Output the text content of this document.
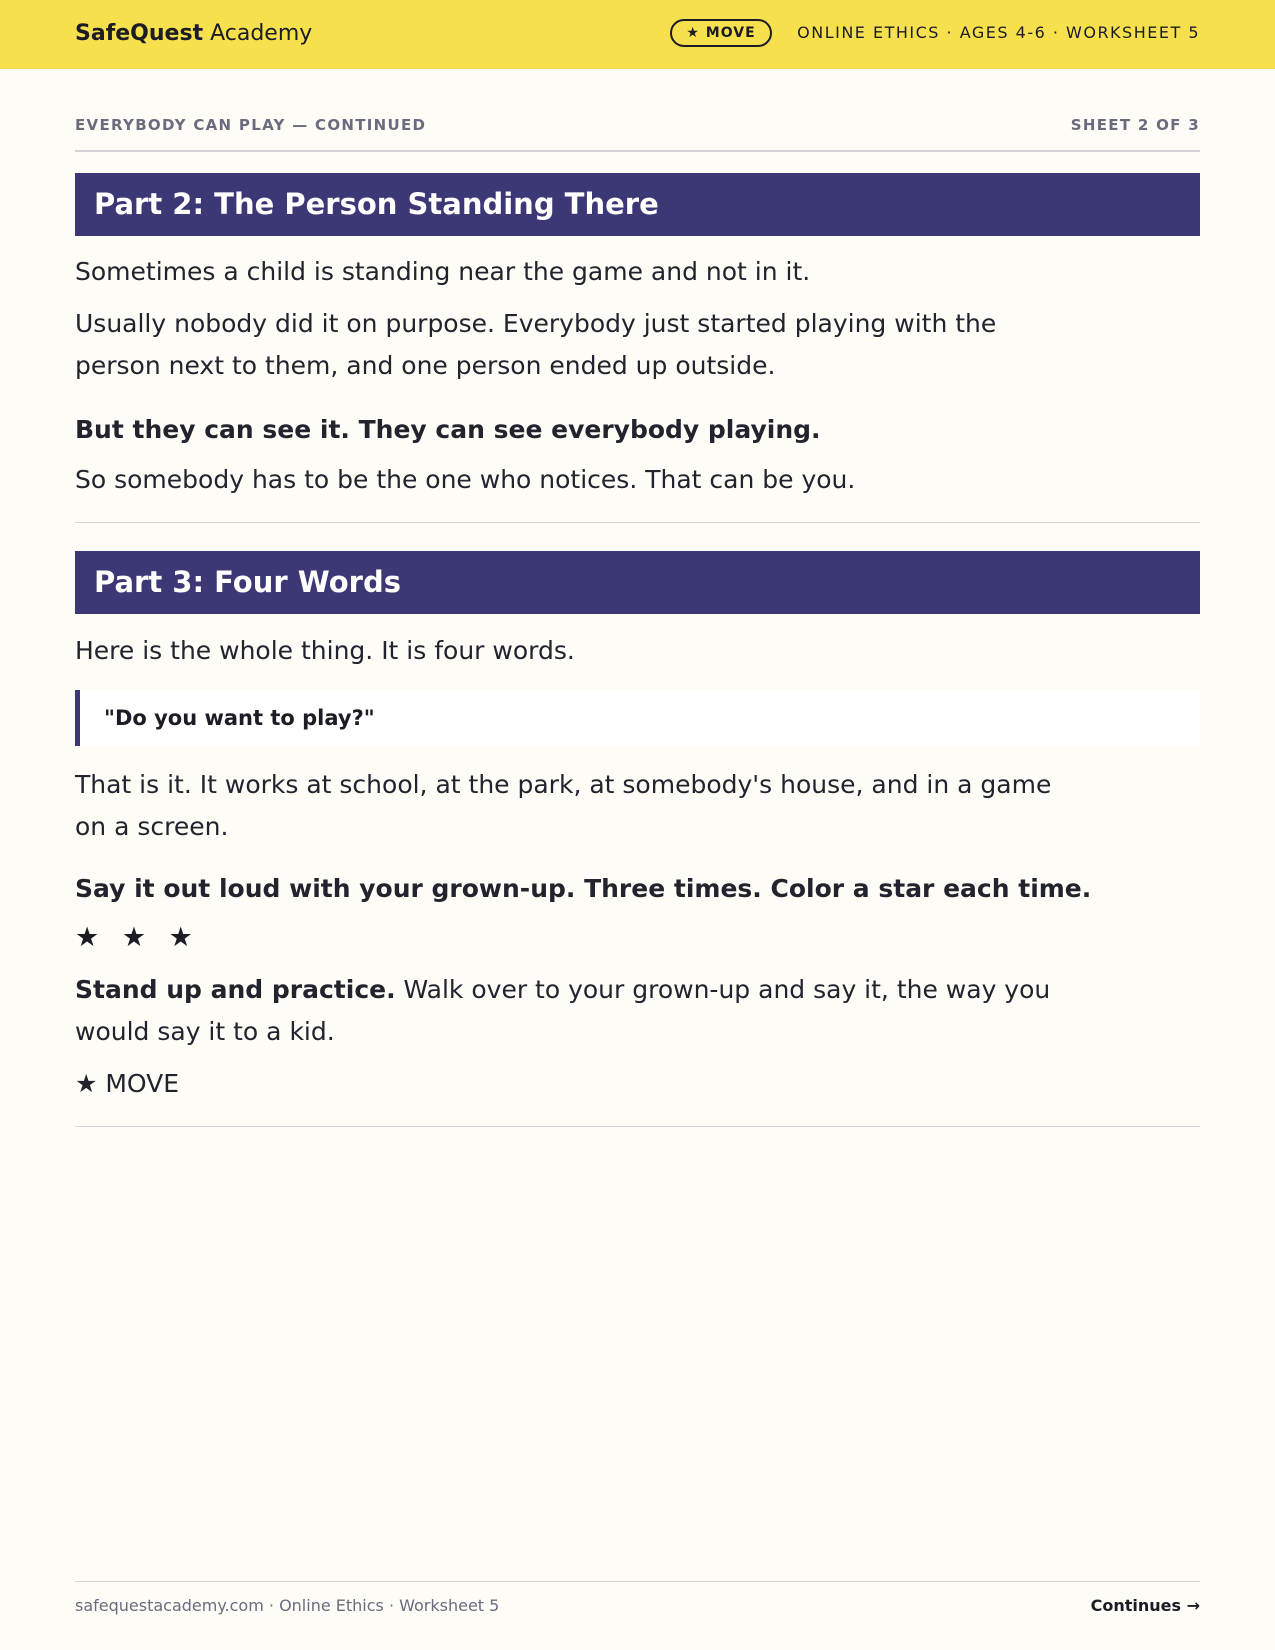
SafeQuest Academy	★ MOVE	ONLINE ETHICS · AGES 4-6 · WORKSHEET 5
EVERYBODY CAN PLAY — CONTINUED	SHEET 2 OF 3
Part 2: The Person Standing There

Sometimes a child is standing near the game and not in it.

Usually nobody did it on purpose. Everybody just started playing with the person next to them, and one person ended up outside.

But they can see it. They can see everybody playing.

So somebody has to be the one who notices. That can be you.

Part 3: Four Words

Here is the whole thing. It is four words.

"Do you want to play?"

That is it. It works at school, at the park, at somebody's house, and in a game on a screen.

Say it out loud with your grown-up. Three times. Color a star each time.

★ ★ ★

Stand up and practice. Walk over to your grown-up and say it, the way you would say it to a kid.

★ MOVE
safequestacademy.com · Online Ethics · Worksheet 5	Continues →
